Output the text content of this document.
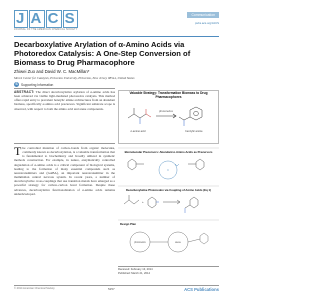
J A C S
JOURNAL OF THE AMERICAN CHEMICAL SOCIETY
Communication
pubs.acs.org/JACS
Decarboxylative Arylation of α-Amino Acids via Photoredox Catalysis: A One-Step Conversion of Biomass to Drug Pharmacophore
Zhiwei Zuo and David W. C. MacMillan*
Merck Center for Catalysis, Princeton University, Princeton, New Jersey 08544, United States
S	Supporting Information
ABSTRACT: The direct decarboxylative arylation of α-amino acids has been achieved via visible light-mediated photoredox catalysis. This method offers rapid entry to prevalent benzylic amine architectures from an abundant biomass, specifically α-amino acid precursors. Significant substrate scope is observed, with respect to both the amino acid and arene components.
T he controlled mutation of carbon–bonds from organic molecules, commonly known as decarboxylation, is a valuable transformation that is fundamental to biochemistry and broadly utilized in synthetic methods construction. For example, in nature, enzymatically controlled degradation of α-amino acids is a critical component of biological systems, leading to the formation of many essential compounds such as neurotransmitters and (GABA), an important neurotransmitter in the mammalian central nervous system. In recent years, a number of decarboxylative cross-couplings that use transition metals have emerged as a powerful strategy for carbon–carbon bond formation. Despite these advances, decarboxylative functionalization of α-amino acids remains underdeveloped.
Valuable Strategy: Transformation Biomass to Drug Pharmacophores
photoredox
α-amino acid	benzylic amine
Biomolecular Precursors: Abundant α-Amino Acids as Precursors
Ir
Decarboxylative Photoredox via Coupling of Amino Acids (Eq 1)
+
Design Plan
photoredox	arene
Received: February 13, 2014
Published: March 21, 2014
© 2014 American Chemical Society	5257	ACS Publications
